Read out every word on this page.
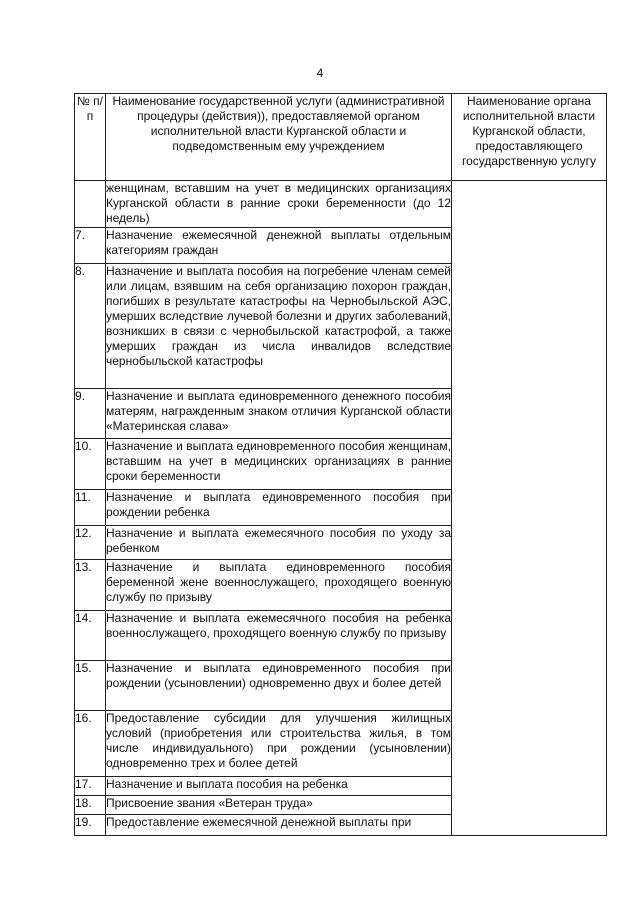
4
№ п/п	Наименование государственной услуги (административной процедуры (действия)), предоставляемой органом исполнительной власти Курганской области и подведомственным ему учреждением	Наименование органа исполнительной власти Курганской области, предоставляющего государственную услугу
	женщинам, вставшим на учет в медицинских организациях Курганской области в ранние сроки беременности (до 12 недель)	
7.	Назначение ежемесячной денежной выплаты отдельным категориям граждан	
8.	Назначение и выплата пособия на погребение членам семей или лицам, взявшим на себя организацию похорон граждан, погибших в результате катастрофы на Чернобыльской АЭС, умерших вследствие лучевой болезни и других заболеваний, возникших в связи с чернобыльской катастрофой, а также умерших граждан из числа инвалидов вследствие чернобыльской катастрофы	
9.	Назначение и выплата единовременного денежного пособия матерям, награжденным знаком отличия Курганской области «Материнская слава»	
10.	Назначение и выплата единовременного пособия женщинам, вставшим на учет в медицинских организациях в ранние сроки беременности	
11.	Назначение и выплата единовременного пособия при рождении ребенка	
12.	Назначение и выплата ежемесячного пособия по уходу за ребенком	
13.	Назначение и выплата единовременного пособия беременной жене военнослужащего, проходящего военную службу по призыву	
14.	Назначение и выплата ежемесячного пособия на ребенка военнослужащего, проходящего военную службу по призыву	
15.	Назначение и выплата единовременного пособия при рождении (усыновлении) одновременно двух и более детей	
16.	Предоставление субсидии для улучшения жилищных условий (приобретения или строительства жилья, в том числе индивидуального) при рождении (усыновлении) одновременно трех и более детей	
17.	Назначение и выплата пособия на ребенка	
18.	Присвоение звания «Ветеран труда»	
19.	Предоставление ежемесячной денежной выплаты при	
